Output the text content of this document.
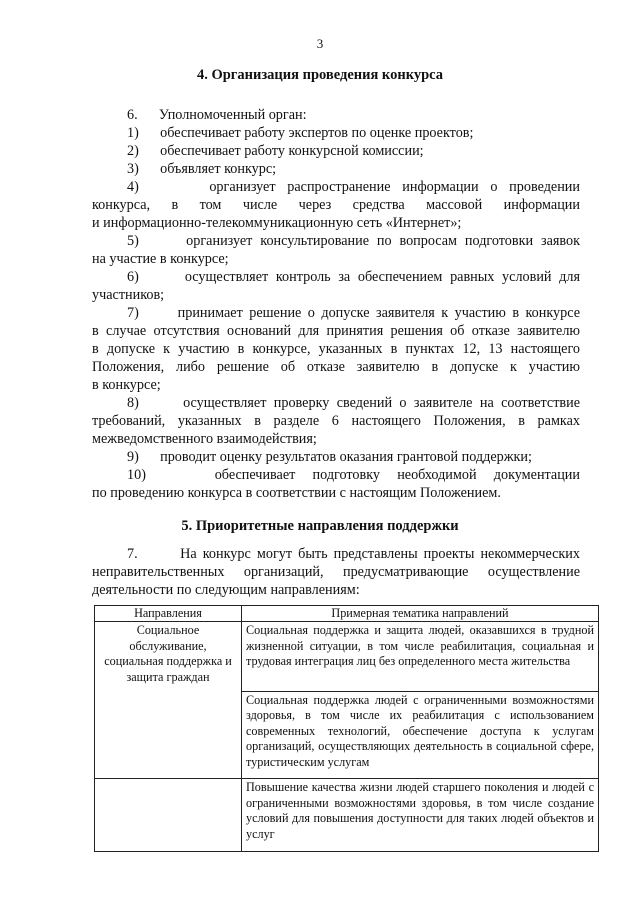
3
4. Организация проведения конкурса
6.      Уполномоченный орган:
1)      обеспечивает работу экспертов по оценке проектов;
2)      обеспечивает работу конкурсной комиссии;
3)      объявляет конкурс;
4)      организует распространение информации о проведении
конкурса, в том числе через средства массовой информации
и информационно-телекоммуникационную сеть «Интернет»;
5)      организует консультирование по вопросам подготовки заявок
на участие в конкурсе;
6)      осуществляет контроль за обеспечением равных условий для
участников;
7)      принимает решение о допуске заявителя к участию в конкурсе
в случае отсутствия оснований для принятия решения об отказе заявителю
в допуске к участию в конкурсе, указанных в пунктах 12, 13 настоящего
Положения, либо решение об отказе заявителю в допуске к участию
в конкурсе;
8)      осуществляет проверку сведений о заявителе на соответствие
требований, указанных в разделе 6 настоящего Положения, в рамках
межведомственного взаимодействия;
9)      проводит оценку результатов оказания грантовой поддержки;
10)    обеспечивает подготовку необходимой документации
по проведению конкурса в соответствии с настоящим Положением.
5. Приоритетные направления поддержки
7.       На конкурс могут быть представлены проекты некоммерческих
неправительственных организаций, предусматривающие осуществление
деятельности по следующим направлениям:
Направления	Примерная тематика направлений
Социальное обслуживание, социальная поддержка и защита граждан	Социальная поддержка и защита людей, оказавшихся в трудной жизненной ситуации, в том числе реабилитация, социальная и трудовая интеграция лиц без определенного места жительства
	Социальная поддержка людей с ограниченными возможностями здоровья, в том числе их реабилитация с использованием современных технологий, обеспечение доступа к услугам организаций, осуществляющих деятельность в социальной сфере, туристическим услугам
	Повышение качества жизни людей старшего поколения и людей с ограниченными возможностями здоровья, в том числе создание условий для повышения доступности для таких людей объектов и услуг
